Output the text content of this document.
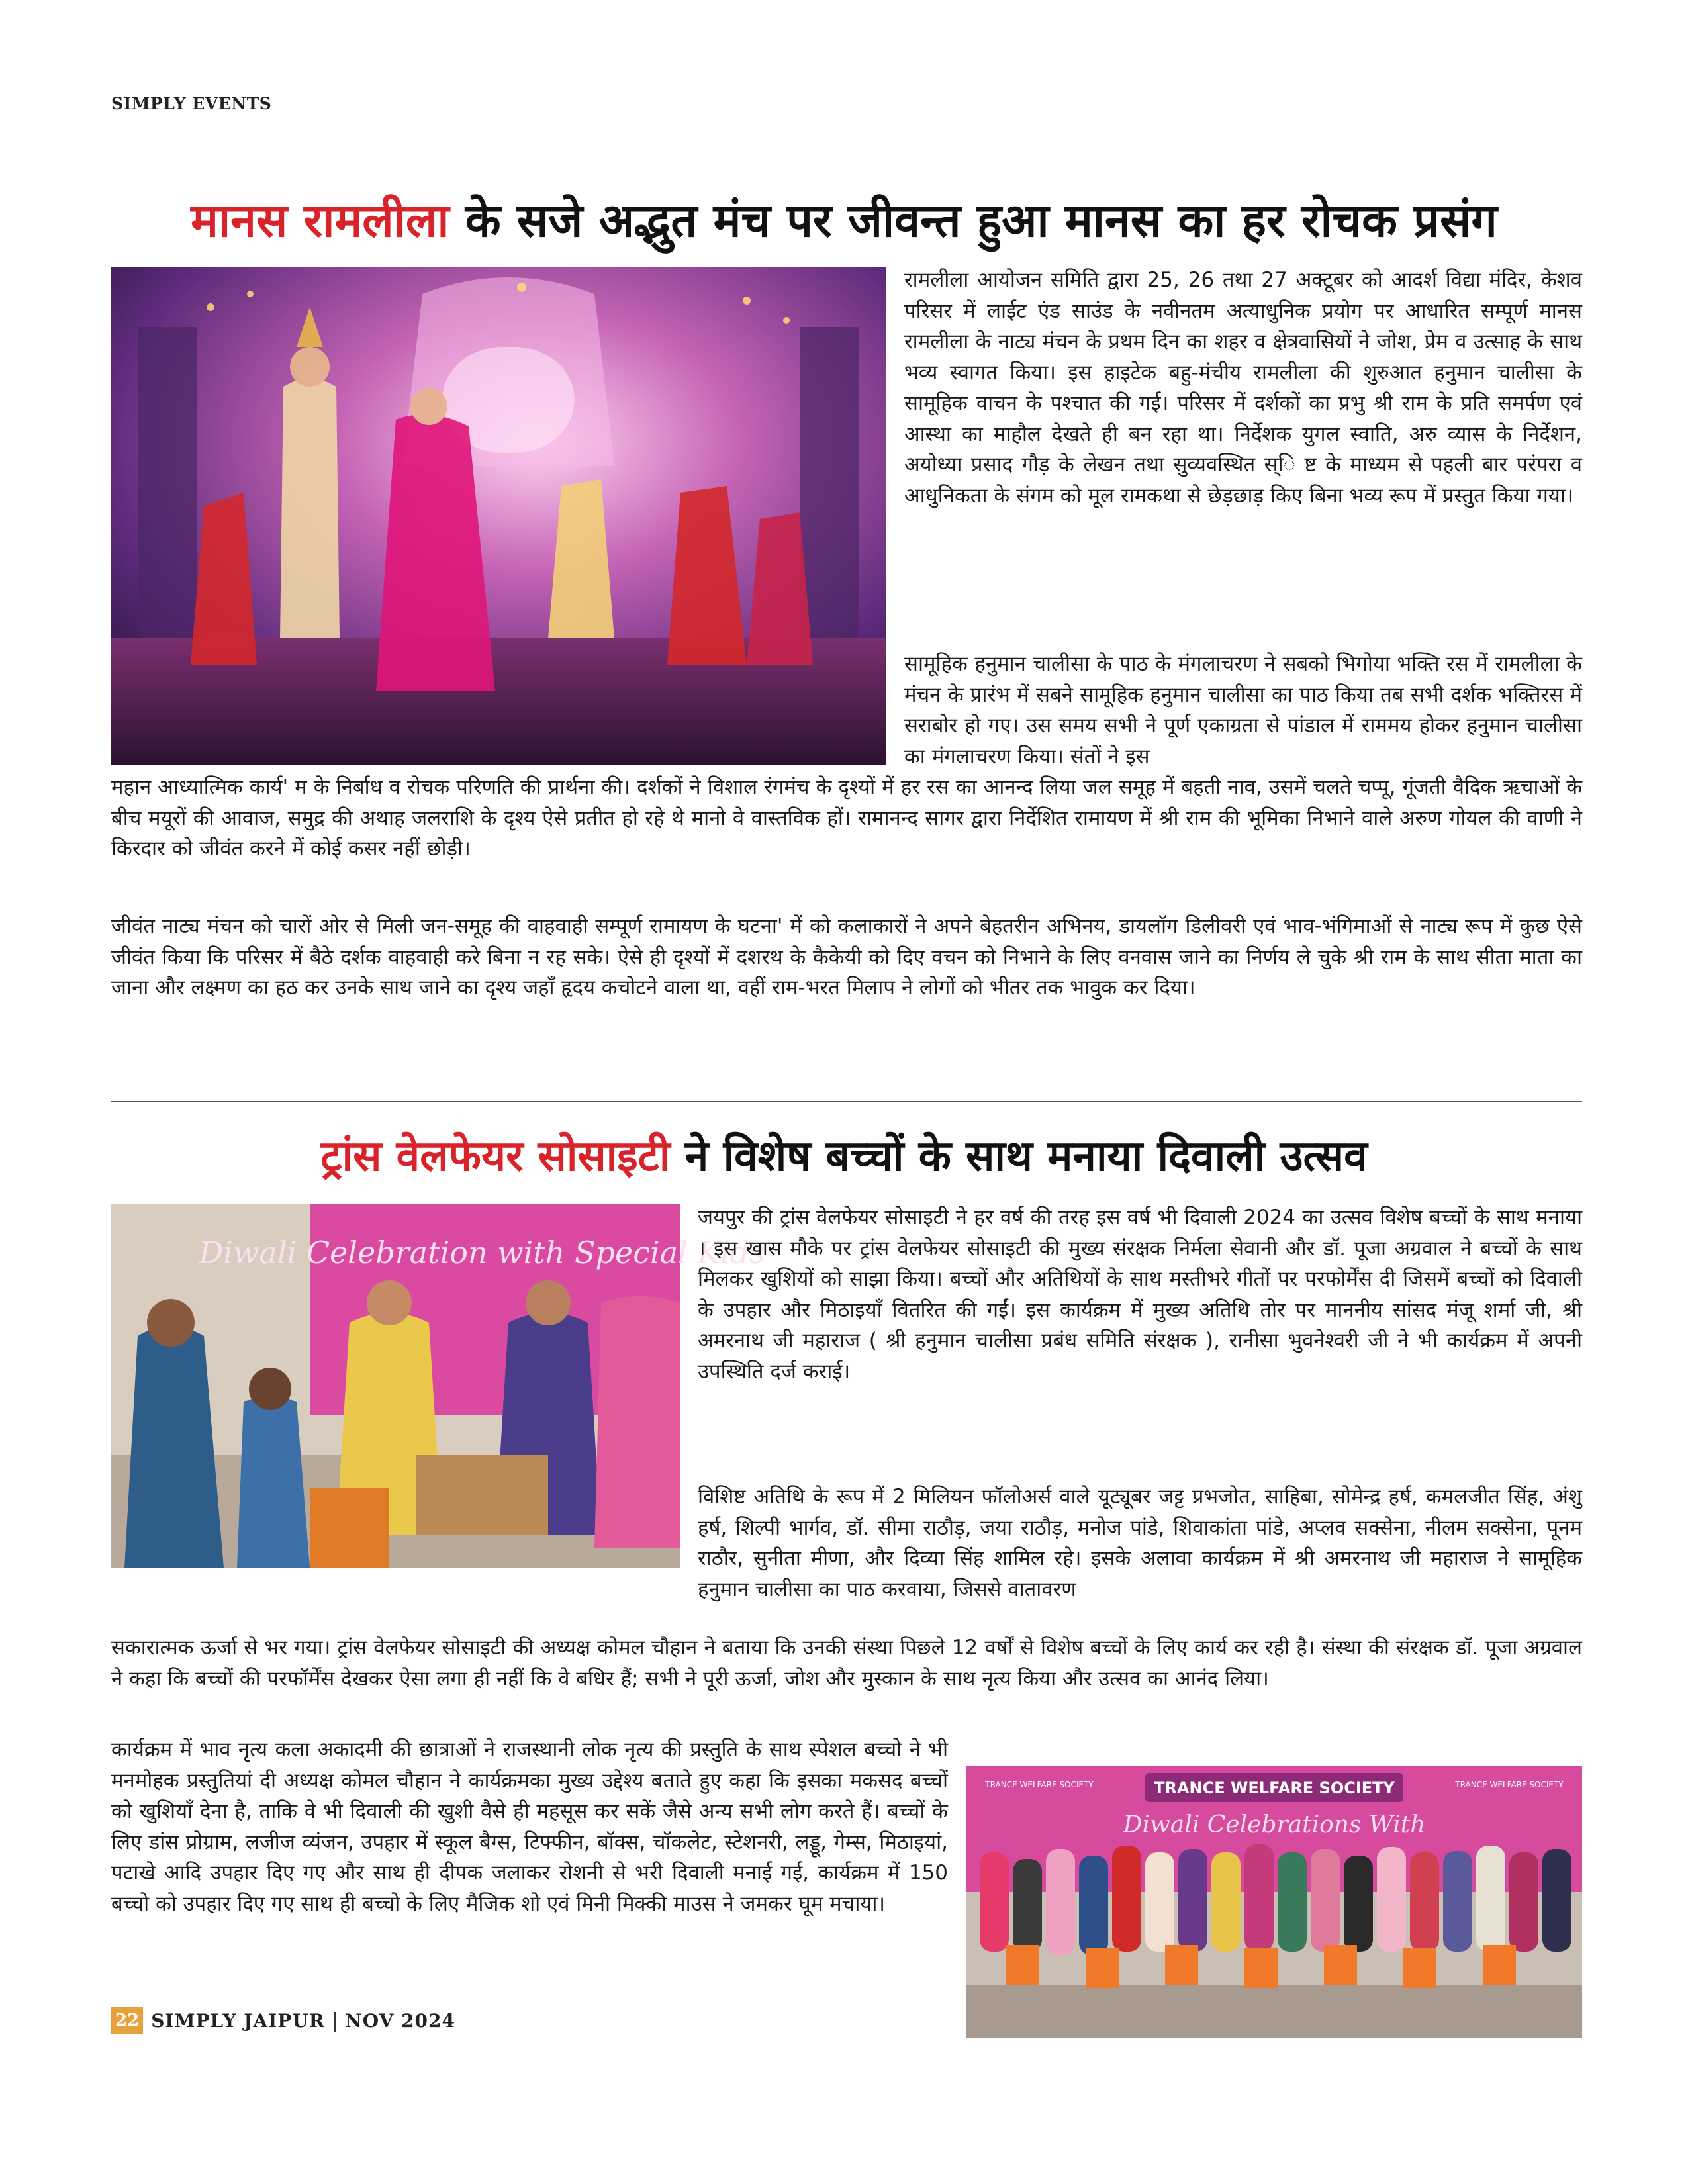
SIMPLY EVENTS
मानस रामलीला के सजे अद्भुत मंच पर जीवन्त हुआ मानस का हर रोचक प्रसंग

रामलीला आयोजन समिति द्वारा 25, 26 तथा 27 अक्टूबर को आदर्श विद्या मंदिर, केशव परिसर में लाईट एंड साउंड के नवीनतम अत्याधुनिक प्रयोग पर आधारित सम्पूर्ण मानस रामलीला के नाट्य मंचन के प्रथम दिन का शहर व क्षेत्रवासियों ने जोश, प्रेम व उत्साह के साथ भव्य स्वागत किया। इस हाइटेक बहु-मंचीय रामलीला की शुरुआत हनुमान चालीसा के सामूहिक वाचन के पश्चात की गई। परिसर में दर्शकों का प्रभु श्री राम के प्रति समर्पण एवं आस्था का माहौल देखते ही बन रहा था। निर्देशक युगल स्वाति, अरु व्यास के निर्देशन, अयोध्या प्रसाद गौड़ के लेखन तथा सुव्यवस्थित स्ि ष्ट के माध्यम से पहली बार परंपरा व आधुनिकता के संगम को मूल रामकथा से छेड़छाड़ किए बिना भव्य रूप में प्रस्तुत किया गया।

सामूहिक हनुमान चालीसा के पाठ के मंगलाचरण ने सबको भिगोया भक्ति रस में रामलीला के मंचन के प्रारंभ में सबने सामूहिक हनुमान चालीसा का पाठ किया तब सभी दर्शक भक्तिरस में सराबोर हो गए। उस समय सभी ने पूर्ण एकाग्रता से पांडाल में राममय होकर हनुमान चालीसा का मंगलाचरण किया। संतों ने इस

महान आध्यात्मिक कार्य' म के निर्बाध व रोचक परिणति की प्रार्थना की। दर्शकों ने विशाल रंगमंच के दृश्यों में हर रस का आनन्द लिया जल समूह में बहती नाव, उसमें चलते चप्पू, गूंजती वैदिक ऋचाओं के बीच मयूरों की आवाज, समुद्र की अथाह जलराशि के दृश्य ऐसे प्रतीत हो रहे थे मानो वे वास्तविक हों। रामानन्द सागर द्वारा निर्देशित रामायण में श्री राम की भूमिका निभाने वाले अरुण गोयल की वाणी ने किरदार को जीवंत करने में कोई कसर नहीं छोड़ी।

जीवंत नाट्य मंचन को चारों ओर से मिली जन-समूह की वाहवाही सम्पूर्ण रामायण के घटना' में को कलाकारों ने अपने बेहतरीन अभिनय, डायलॉग डिलीवरी एवं भाव-भंगिमाओं से नाट्य रूप में कुछ ऐसे जीवंत किया कि परिसर में बैठे दर्शक वाहवाही करे बिना न रह सके। ऐसे ही दृश्यों में दशरथ के कैकेयी को दिए वचन को निभाने के लिए वनवास जाने का निर्णय ले चुके श्री राम के साथ सीता माता का जाना और लक्ष्मण का हठ कर उनके साथ जाने का दृश्य जहाँ हृदय कचोटने वाला था, वहीं राम-भरत मिलाप ने लोगों को भीतर तक भावुक कर दिया।

ट्रांस वेलफेयर सोसाइटी ने विशेष बच्चों के साथ मनाया दिवाली उत्सव
Diwali Celebration with Special Kids

जयपुर की ट्रांस वेलफेयर सोसाइटी ने हर वर्ष की तरह इस वर्ष भी दिवाली 2024 का उत्सव विशेष बच्चों के साथ मनाया । इस खास मौके पर ट्रांस वेलफेयर सोसाइटी की मुख्य संरक्षक निर्मला सेवानी और डॉ. पूजा अग्रवाल ने बच्चों के साथ मिलकर खुशियों को साझा किया। बच्चों और अतिथियों के साथ मस्तीभरे गीतों पर परफोर्मेंस दी जिसमें बच्चों को दिवाली के उपहार और मिठाइयाँ वितरित की गईं। इस कार्यक्रम में मुख्य अतिथि तोर पर माननीय सांसद मंजू शर्मा जी, श्री अमरनाथ जी महाराज ( श्री हनुमान चालीसा प्रबंध समिति संरक्षक ), रानीसा भुवनेश्वरी जी ने भी कार्यक्रम में अपनी उपस्थिति दर्ज कराई।

विशिष्ट अतिथि के रूप में 2 मिलियन फॉलोअर्स वाले यूट्यूबर जट्ट प्रभजोत, साहिबा, सोमेन्द्र हर्ष, कमलजीत सिंह, अंशु हर्ष, शिल्पी भार्गव, डॉ. सीमा राठौड़, जया राठौड़, मनोज पांडे, शिवाकांता पांडे, अप्लव सक्सेना, नीलम सक्सेना, पूनम राठौर, सुनीता मीणा, और दिव्या सिंह शामिल रहे। इसके अलावा कार्यक्रम में श्री अमरनाथ जी महाराज ने सामूहिक हनुमान चालीसा का पाठ करवाया, जिससे वातावरण

सकारात्मक ऊर्जा से भर गया। ट्रांस वेलफेयर सोसाइटी की अध्यक्ष कोमल चौहान ने बताया कि उनकी संस्था पिछले 12 वर्षों से विशेष बच्चों के लिए कार्य कर रही है। संस्था की संरक्षक डॉ. पूजा अग्रवाल ने कहा कि बच्चों की परफॉर्मेंस देखकर ऐसा लगा ही नहीं कि वे बधिर हैं; सभी ने पूरी ऊर्जा, जोश और मुस्कान के साथ नृत्य किया और उत्सव का आनंद लिया।

कार्यक्रम में भाव नृत्य कला अकादमी की छात्राओं ने राजस्थानी लोक नृत्य की प्रस्तुति के साथ स्पेशल बच्चो ने भी मनमोहक प्रस्तुतियां दी अध्यक्ष कोमल चौहान ने कार्यक्रमका मुख्य उद्देश्य बताते हुए कहा कि इसका मकसद बच्चों को खुशियाँ देना है, ताकि वे भी दिवाली की खुशी वैसे ही महसूस कर सकें जैसे अन्य सभी लोग करते हैं। बच्चों के लिए डांस प्रोग्राम, लजीज व्यंजन, उपहार में स्कूल बैग्स, टिफ्फीन, बॉक्स, चॉकलेट, स्टेशनरी, लड्डू, गेम्स, मिठाइयां, पटाखे आदि उपहार दिए गए और साथ ही दीपक जलाकर रोशनी से भरी दिवाली मनाई गई, कार्यक्रम में 150 बच्चो को उपहार दिए गए साथ ही बच्चो के लिए मैजिक शो एवं मिनी मिक्की माउस ने जमकर घूम मचाया।

TRANCE WELFARE SOCIETY
TRANCE WELFARE SOCIETY	TRANCE WELFARE SOCIETY
Diwali Celebrations With
22 SIMPLY JAIPUR | NOV 2024
